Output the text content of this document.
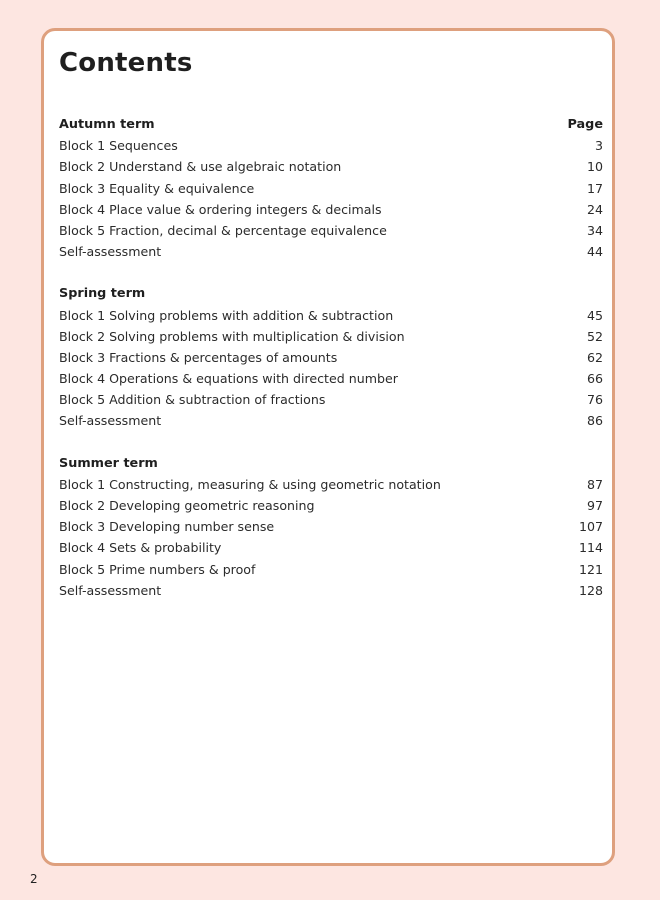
Contents
Autumn term	Page
Block 1 Sequences	3
Block 2 Understand & use algebraic notation	10
Block 3 Equality & equivalence	17
Block 4 Place value & ordering integers & decimals	24
Block 5 Fraction, decimal & percentage equivalence	34
Self-assessment	44
Spring term
Block 1 Solving problems with addition & subtraction	45
Block 2 Solving problems with multiplication & division	52
Block 3 Fractions & percentages of amounts	62
Block 4 Operations & equations with directed number	66
Block 5 Addition & subtraction of fractions	76
Self-assessment	86
Summer term
Block 1 Constructing, measuring & using geometric notation	87
Block 2 Developing geometric reasoning	97
Block 3 Developing number sense	107
Block 4 Sets & probability	114
Block 5 Prime numbers & proof	121
Self-assessment	128
2
